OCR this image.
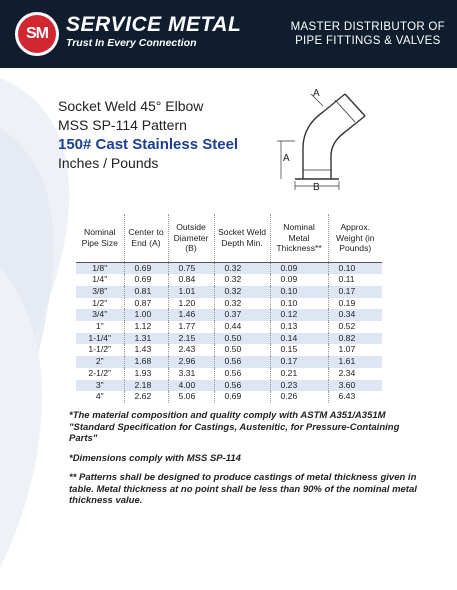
SM SERVICE METAL
Trust In Every Connection
MASTER DISTRIBUTOR OF
PIPE FITTINGS & VALVES
Socket Weld 45° Elbow
MSS SP-114 Pattern
150# Cast Stainless Steel
Inches / Pounds
A
A
B
Nominal Pipe Size	Center to End (A)	Outside Diameter (B)	Socket Weld Depth Min.	Nominal Metal Thickness**	Approx. Weight (in Pounds)
1/8"	0.69	0.75	0.32	0.09	0.10
1/4"	0.69	0.84	0.32	0.09	0.11
3/8"	0.81	1.01	0.32	0.10	0.17
1/2"	0.87	1.20	0.32	0.10	0.19
3/4"	1.00	1.46	0.37	0.12	0.34
1"	1.12	1.77	0.44	0.13	0.52
1-1/4"	1.31	2.15	0.50	0.14	0.82
1-1/2"	1.43	2.43	0.50	0.15	1.07
2"	1.68	2.96	0.56	0.17	1.61
2-1/2"	1.93	3.31	0.56	0.21	2.34
3"	2.18	4.00	0.56	0.23	3.60
4"	2.62	5.06	0.69	0.26	6.43
*The material composition and quality comply with ASTM A351/A351M "Standard Specification for Castings, Austenitic, for Pressure-Containing Parts"
*Dimensions comply with MSS SP-114
** Patterns shall be designed to produce castings of metal thickness given in table. Metal thickness at no point shall be less than 90% of the nominal metal thickness value.
